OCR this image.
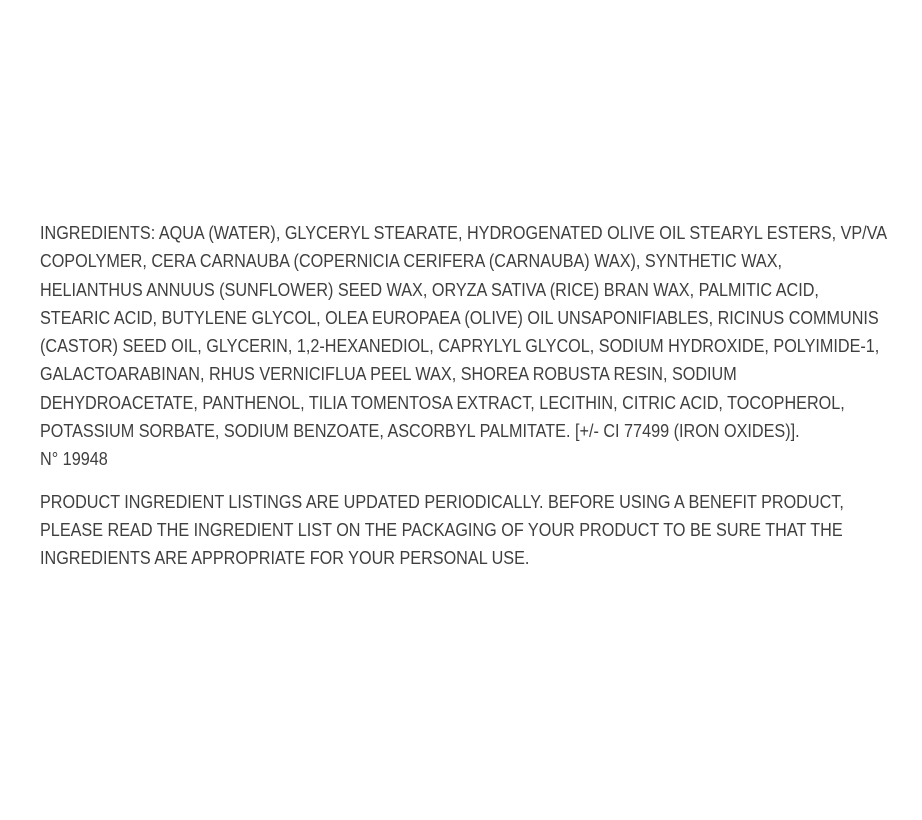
INGREDIENTS: AQUA (WATER), GLYCERYL STEARATE, HYDROGENATED OLIVE OIL STEARYL ESTERS, VP/VA
COPOLYMER, CERA CARNAUBA (COPERNICIA CERIFERA (CARNAUBA) WAX), SYNTHETIC WAX,
HELIANTHUS ANNUUS (SUNFLOWER) SEED WAX, ORYZA SATIVA (RICE) BRAN WAX, PALMITIC ACID,
STEARIC ACID, BUTYLENE GLYCOL, OLEA EUROPAEA (OLIVE) OIL UNSAPONIFIABLES, RICINUS COMMUNIS
(CASTOR) SEED OIL, GLYCERIN, 1,2-HEXANEDIOL, CAPRYLYL GLYCOL, SODIUM HYDROXIDE, POLYIMIDE-1,
GALACTOARABINAN, RHUS VERNICIFLUA PEEL WAX, SHOREA ROBUSTA RESIN, SODIUM
DEHYDROACETATE, PANTHENOL, TILIA TOMENTOSA EXTRACT, LECITHIN, CITRIC ACID, TOCOPHEROL,
POTASSIUM SORBATE, SODIUM BENZOATE, ASCORBYL PALMITATE. [+/- CI 77499 (IRON OXIDES)].
N° 19948
PRODUCT INGREDIENT LISTINGS ARE UPDATED PERIODICALLY. BEFORE USING A BENEFIT PRODUCT,
PLEASE READ THE INGREDIENT LIST ON THE PACKAGING OF YOUR PRODUCT TO BE SURE THAT THE
INGREDIENTS ARE APPROPRIATE FOR YOUR PERSONAL USE.
